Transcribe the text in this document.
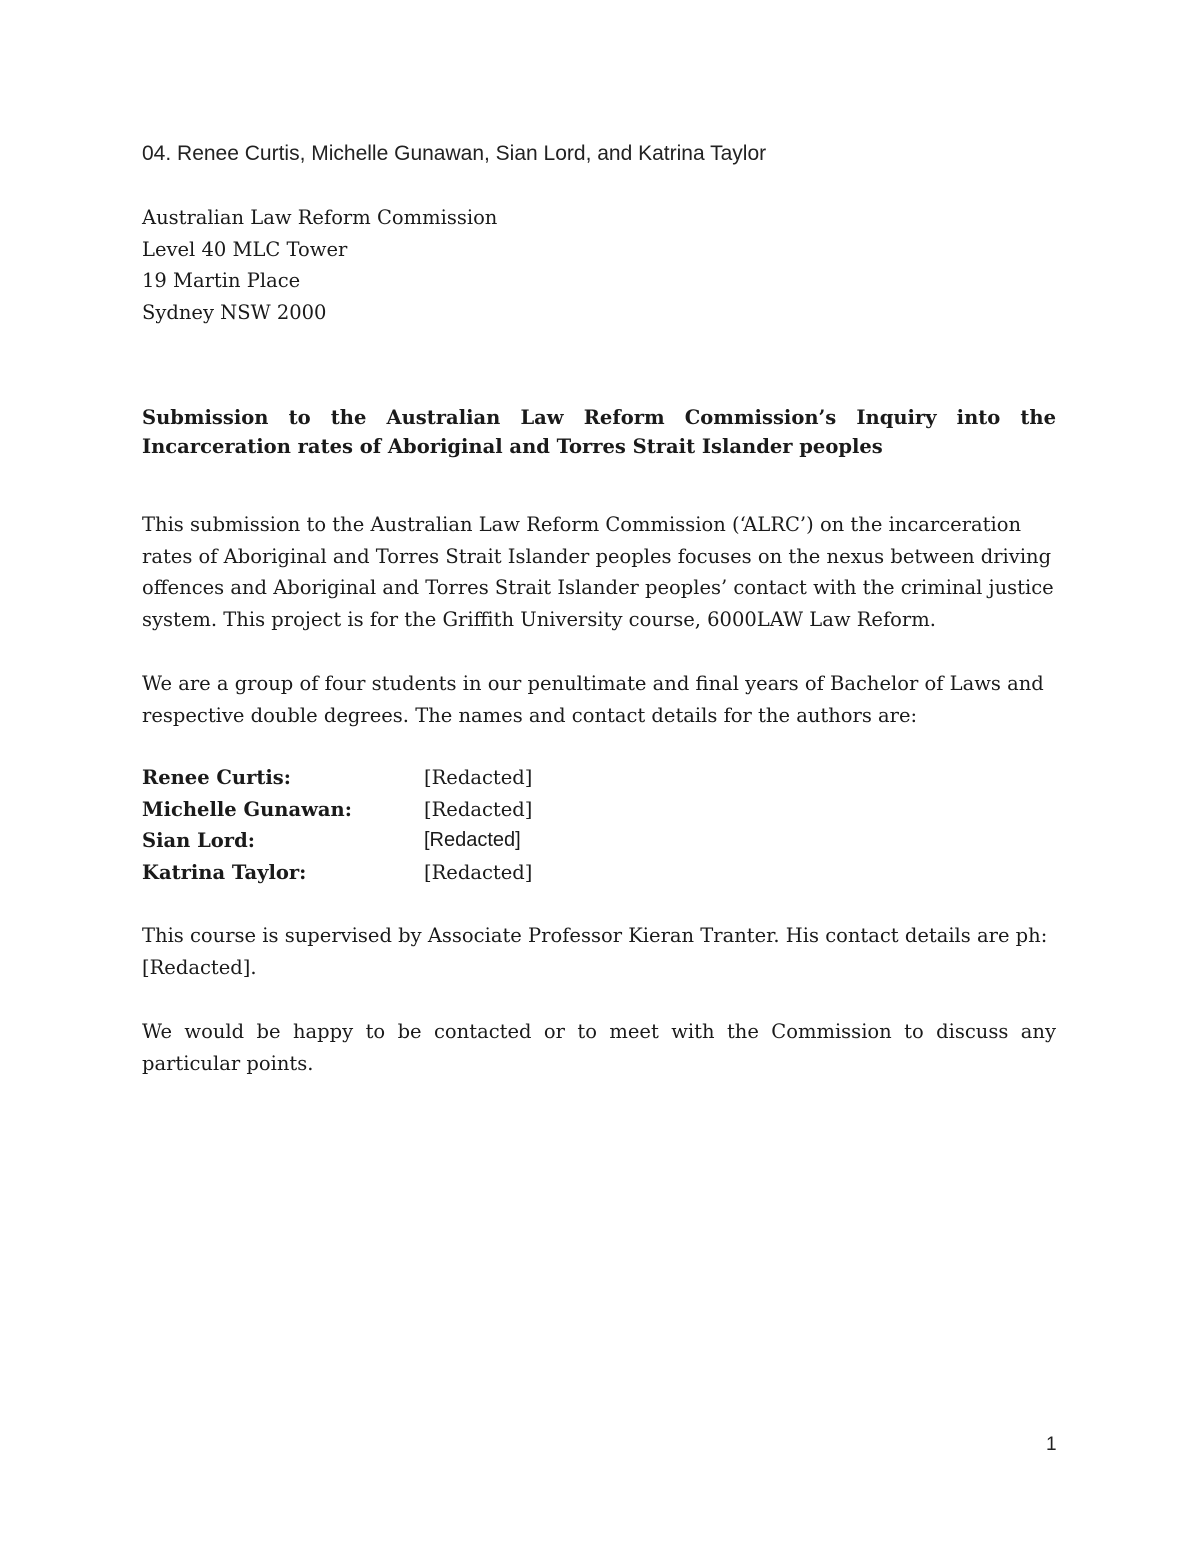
04. Renee Curtis, Michelle Gunawan, Sian Lord, and Katrina Taylor
Australian Law Reform Commission
Level 40 MLC Tower
19 Martin Place
Sydney NSW 2000
Submission to the Australian Law Reform Commission’s Inquiry into the
Incarceration rates of Aboriginal and Torres Strait Islander peoples
This submission to the Australian Law Reform Commission (‘ALRC’) on the incarceration rates of Aboriginal and Torres Strait Islander peoples focuses on the nexus between driving offences and Aboriginal and Torres Strait Islander peoples’ contact with the criminal justice system. This project is for the Griffith University course, 6000LAW Law Reform.
We are a group of four students in our penultimate and final years of Bachelor of Laws and respective double degrees. The names and contact details for the authors are:
Renee Curtis:	[Redacted]
Michelle Gunawan:	[Redacted]
Sian Lord:	[Redacted]
Katrina Taylor:	[Redacted]
This course is supervised by Associate Professor Kieran Tranter. His contact details are ph: [Redacted].
We would be happy to be contacted or to meet with the Commission to discuss any
particular points.
1
